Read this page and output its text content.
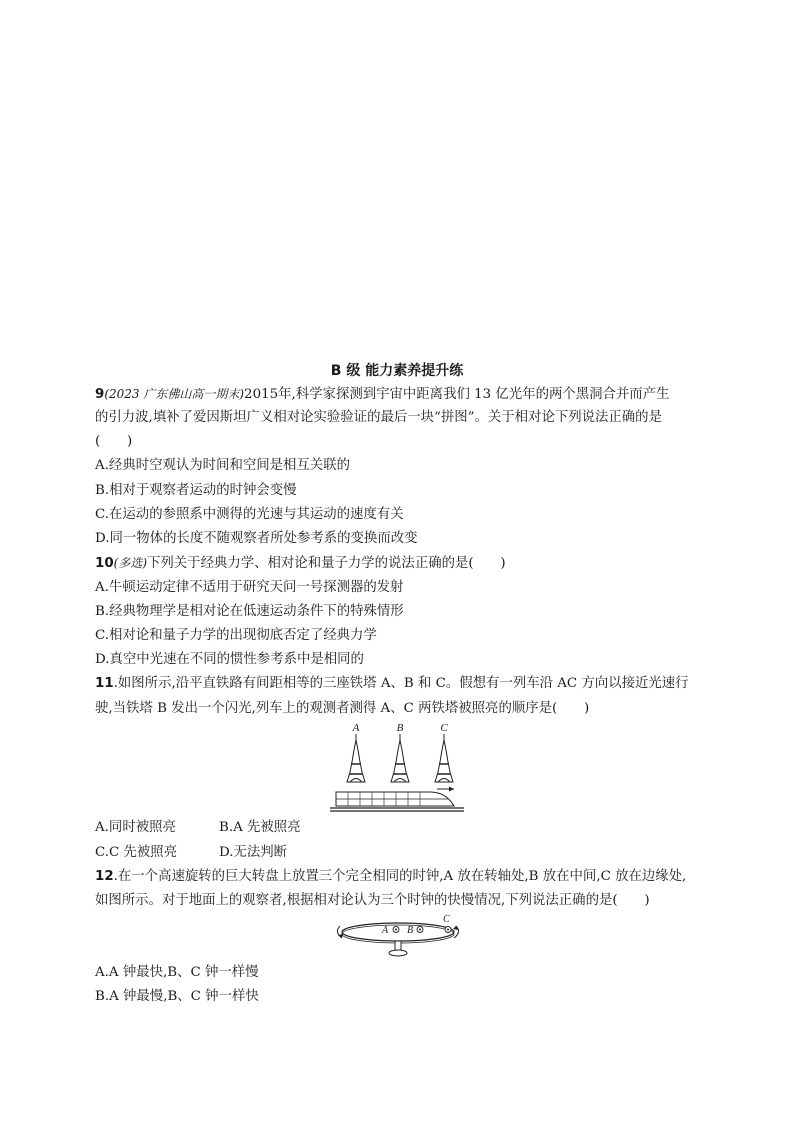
B 级 能力素养提升练
9(2023 广东佛山高一期末)2015年,科学家探测到宇宙中距离我们 13 亿光年的两个黑洞合并而产生
的引力波,填补了爱因斯坦广义相对论实验验证的最后一块“拼图”。关于相对论下列说法正确的是
(　　)
A.经典时空观认为时间和空间是相互关联的
B.相对于观察者运动的时钟会变慢
C.在运动的参照系中测得的光速与其运动的速度有关
D.同一物体的长度不随观察者所处参考系的变换而改变
10(多选)下列关于经典力学、相对论和量子力学的说法正确的是(　　)
A.牛顿运动定律不适用于研究天问一号探测器的发射
B.经典物理学是相对论在低速运动条件下的特殊情形
C.相对论和量子力学的出现彻底否定了经典力学
D.真空中光速在不同的惯性参考系中是相同的
11.如图所示,沿平直铁路有间距相等的三座铁塔 A、B 和 C。假想有一列车沿 AC 方向以接近光速行
驶,当铁塔 B 发出一个闪光,列车上的观测者测得 A、C 两铁塔被照亮的顺序是(　　)
A	B	C
A.同时被照亮	B.A 先被照亮
C.C 先被照亮	D.无法判断
12.在一个高速旋转的巨大转盘上放置三个完全相同的时钟,A 放在转轴处,B 放在中间,C 放在边缘处,
如图所示。对于地面上的观察者,根据相对论认为三个时钟的快慢情况,下列说法正确的是(　　)
A B
C
A.A 钟最快,B、C 钟一样慢
B.A 钟最慢,B、C 钟一样快
